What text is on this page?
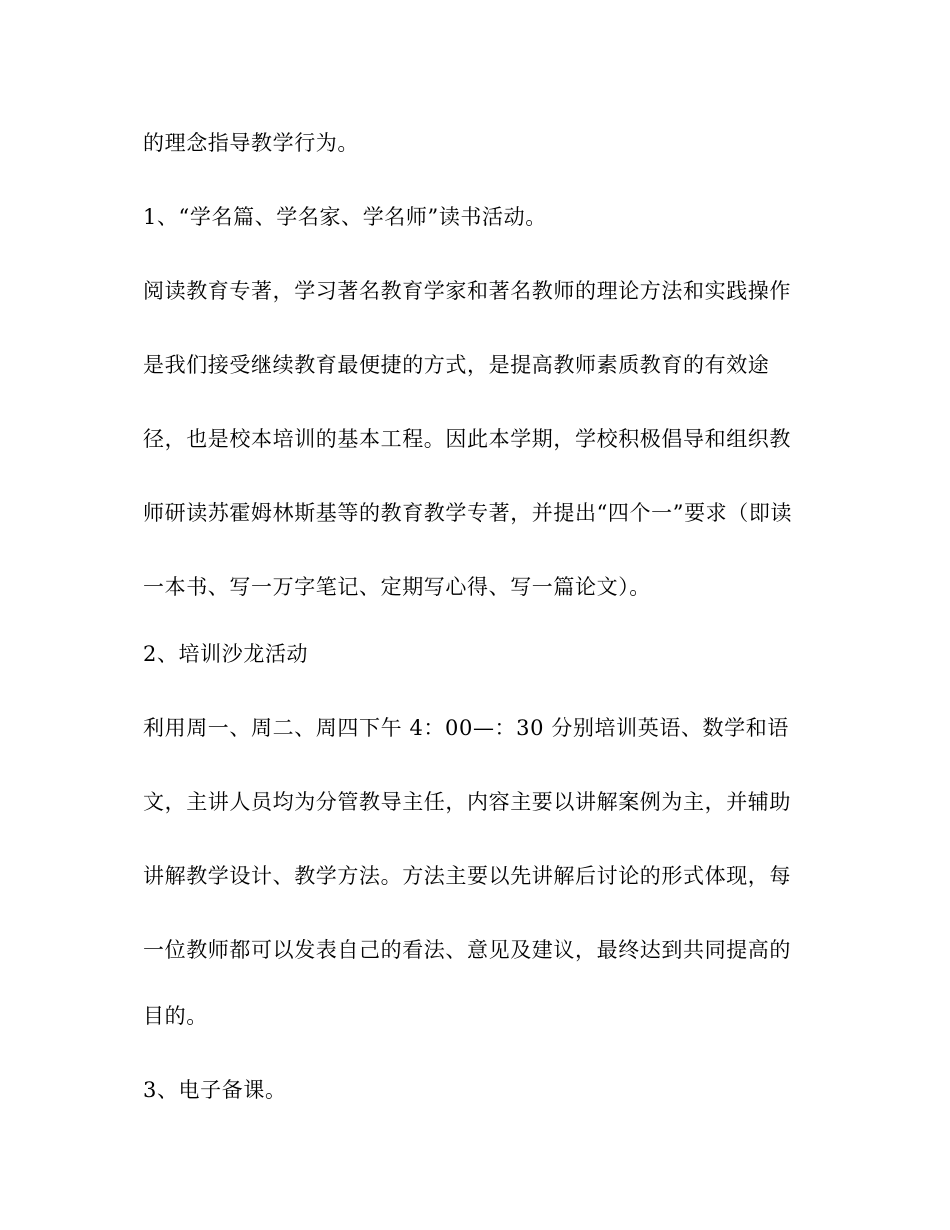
的理念指导教学行为。

1、“学名篇、学名家、学名师”读书活动。

阅读教育专著，学习著名教育学家和著名教师的理论方法和实践操作

是我们接受继续教育最便捷的方式，是提高教师素质教育的有效途

径，也是校本培训的基本工程。因此本学期，学校积极倡导和组织教

师研读苏霍姆林斯基等的教育教学专著，并提出“四个一”要求（即读

一本书、写一万字笔记、定期写心得、写一篇论文）。

2、培训沙龙活动

利用周一、周二、周四下午 4：00—：30 分别培训英语、数学和语

文，主讲人员均为分管教导主任，内容主要以讲解案例为主，并辅助

讲解教学设计、教学方法。方法主要以先讲解后讨论的形式体现，每

一位教师都可以发表自己的看法、意见及建议，最终达到共同提高的

目的。

3、电子备课。
